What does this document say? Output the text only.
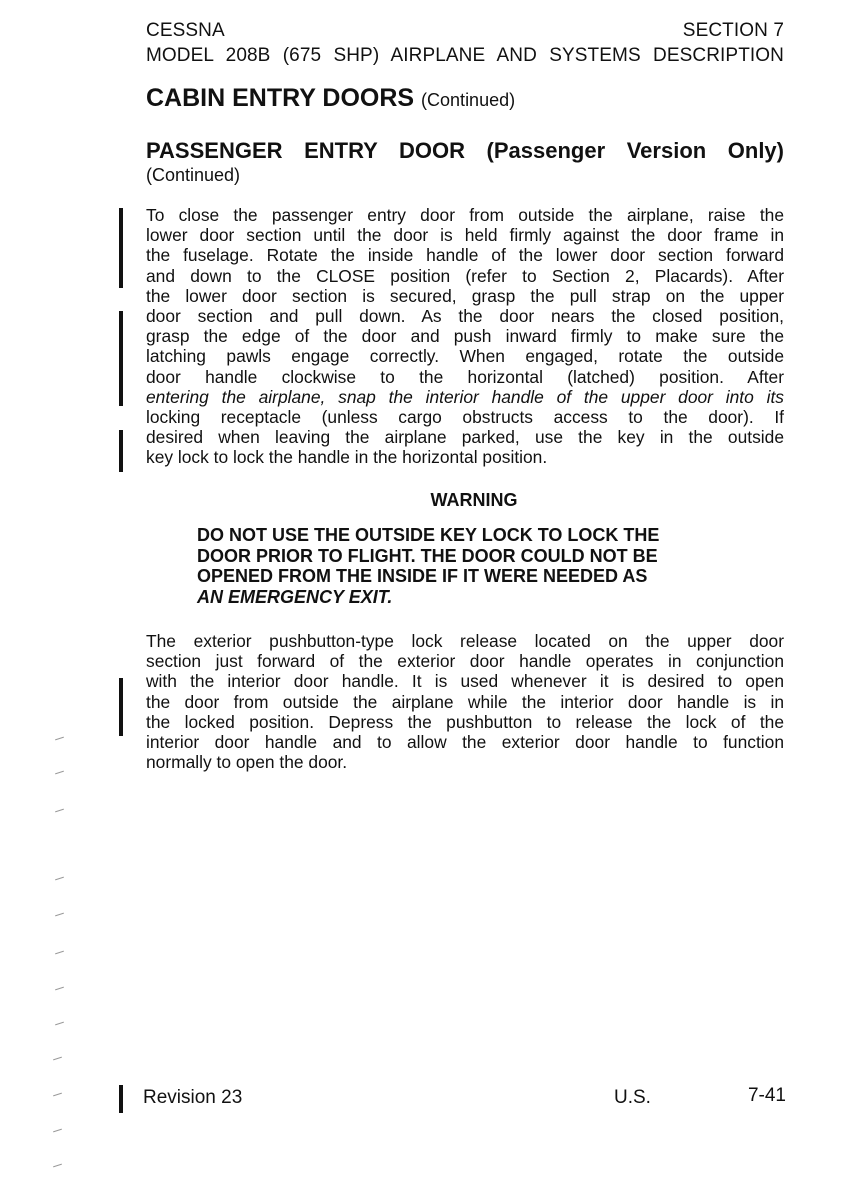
CESSNA	SECTION 7
MODEL 208B (675 SHP) AIRPLANE AND SYSTEMS DESCRIPTION
CABIN ENTRY DOORS (Continued)
PASSENGER ENTRY DOOR (Passenger Version Only)
(Continued)
To close the passenger entry door from outside the airplane, raise the
lower door section until the door is held firmly against the door frame in
the fuselage. Rotate the inside handle of the lower door section forward
and down to the CLOSE position (refer to Section 2, Placards). After
the lower door section is secured, grasp the pull strap on the upper
door section and pull down. As the door nears the closed position,
grasp the edge of the door and push inward firmly to make sure the
latching pawls engage correctly. When engaged, rotate the outside
door handle clockwise to the horizontal (latched) position. After
entering the airplane, snap the interior handle of the upper door into its
locking receptacle (unless cargo obstructs access to the door). If
desired when leaving the airplane parked, use the key in the outside
key lock to lock the handle in the horizontal position.
WARNING
DO NOT USE THE OUTSIDE KEY LOCK TO LOCK THE
DOOR PRIOR TO FLIGHT. THE DOOR COULD NOT BE
OPENED FROM THE INSIDE IF IT WERE NEEDED AS
AN EMERGENCY EXIT.
The exterior pushbutton-type lock release located on the upper door
section just forward of the exterior door handle operates in conjunction
with the interior door handle. It is used whenever it is desired to open
the door from outside the airplane while the interior door handle is in
the locked position. Depress the pushbutton to release the lock of the
interior door handle and to allow the exterior door handle to function
normally to open the door.
Revision 23	U.S.	7-41
